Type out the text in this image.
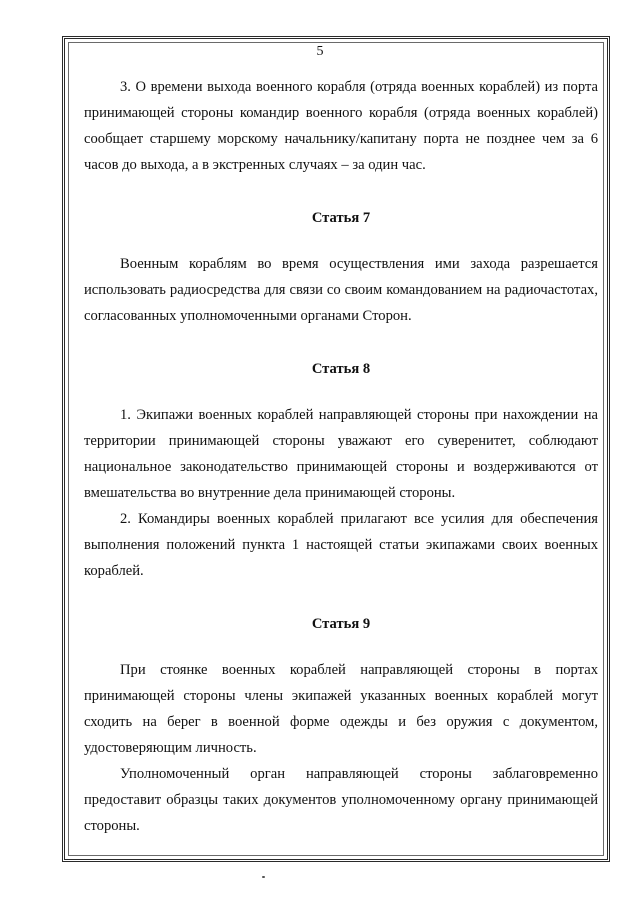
5

3. О времени выхода военного корабля (отряда военных кораблей) из порта принимающей стороны командир военного корабля (отряда военных кораблей) сообщает старшему морскому начальнику/капитану порта не позднее чем за 6 часов до выхода, а в экстренных случаях – за один час.

Статья 7

Военным кораблям во время осуществления ими захода разрешается использовать радиосредства для связи со своим командованием на радиочастотах, согласованных уполномоченными органами Сторон.

Статья 8

1. Экипажи военных кораблей направляющей стороны при нахождении на территории принимающей стороны уважают его суверенитет, соблюдают национальное законодательство принимающей стороны и воздерживаются от вмешательства во внутренние дела принимающей стороны.

2. Командиры военных кораблей прилагают все усилия для обеспечения выполнения положений пункта 1 настоящей статьи экипажами своих военных кораблей.

Статья 9

При стоянке военных кораблей направляющей стороны в портах принимающей стороны члены экипажей указанных военных кораблей могут сходить на берег в военной форме одежды и без оружия с документом, удостоверяющим личность.

Уполномоченный орган направляющей стороны заблаговременно предоставит образцы таких документов уполномоченному органу принимающей стороны.
